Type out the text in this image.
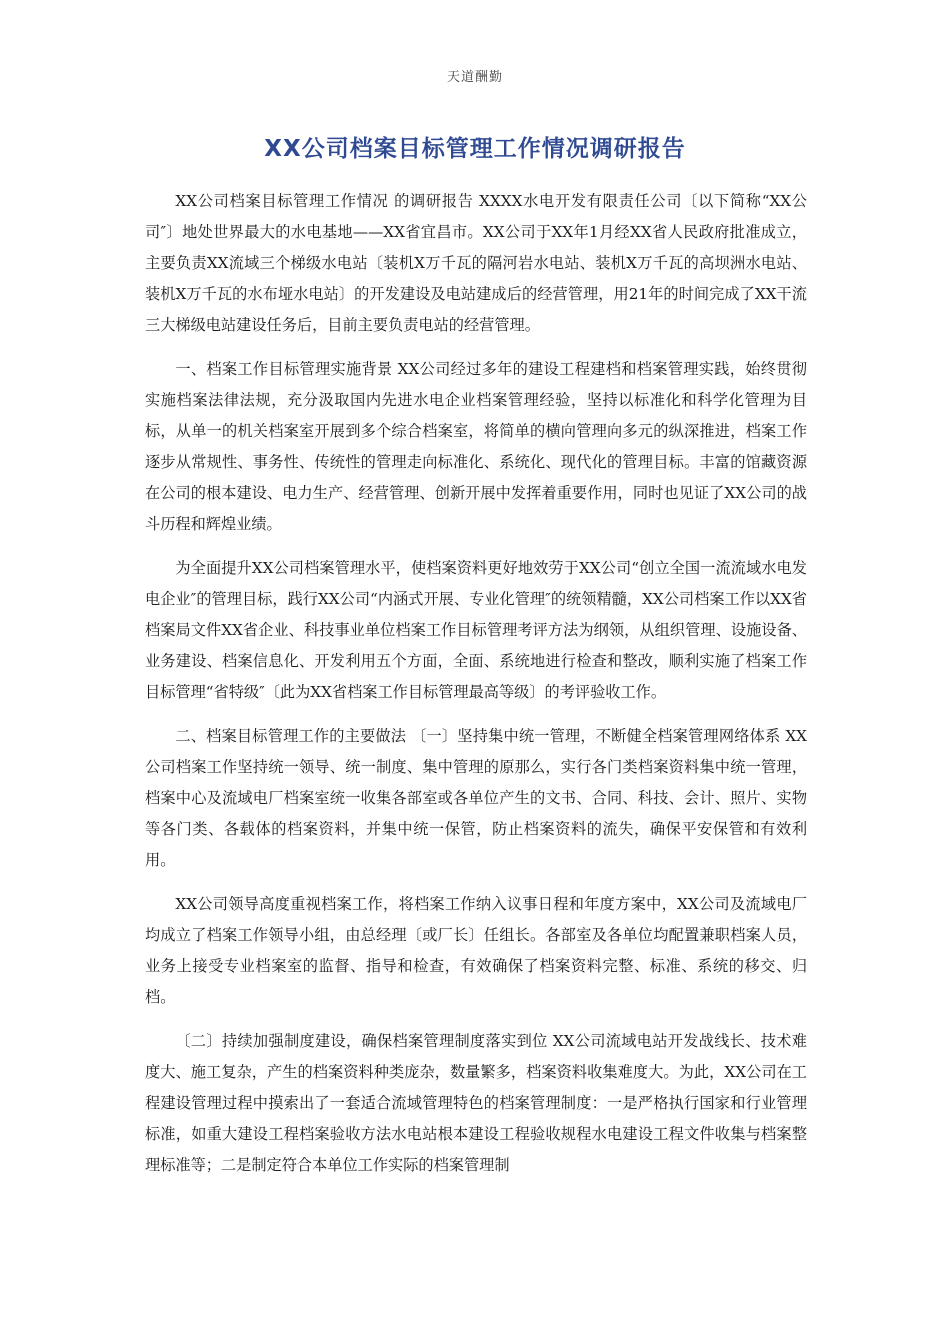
天道酬勤
XX公司档案目标管理工作情况调研报告

XX公司档案目标管理工作情况 的调研报告 XXXX水电开发有限责任公司〔以下简称“XX公司″〕地处世界最大的水电基地——XX省宜昌市。XX公司于XX年1月经XX省人民政府批准成立，主要负责XX流域三个梯级水电站〔装机X万千瓦的隔河岩水电站、装机X万千瓦的高坝洲水电站、装机X万千瓦的水布垭水电站〕的开发建设及电站建成后的经营管理，用21年的时间完成了XX干流三大梯级电站建设任务后，目前主要负责电站的经营管理。

一、档案工作目标管理实施背景 XX公司经过多年的建设工程建档和档案管理实践，始终贯彻实施档案法律法规，充分汲取国内先进水电企业档案管理经验，坚持以标准化和科学化管理为目标，从单一的机关档案室开展到多个综合档案室，将简单的横向管理向多元的纵深推进，档案工作逐步从常规性、事务性、传统性的管理走向标准化、系统化、现代化的管理目标。丰富的馆藏资源在公司的根本建设、电力生产、经营管理、创新开展中发挥着重要作用，同时也见证了XX公司的战斗历程和辉煌业绩。

为全面提升XX公司档案管理水平，使档案资料更好地效劳于XX公司“创立全国一流流域水电发电企业″的管理目标，践行XX公司“内涵式开展、专业化管理″的统领精髓，XX公司档案工作以XX省档案局文件XX省企业、科技事业单位档案工作目标管理考评方法为纲领，从组织管理、设施设备、业务建设、档案信息化、开发利用五个方面，全面、系统地进行检查和整改，顺利实施了档案工作目标管理“省特级″〔此为XX省档案工作目标管理最高等级〕的考评验收工作。

二、档案目标管理工作的主要做法 〔一〕坚持集中统一管理，不断健全档案管理网络体系 XX公司档案工作坚持统一领导、统一制度、集中管理的原那么，实行各门类档案资料集中统一管理，档案中心及流域电厂档案室统一收集各部室或各单位产生的文书、合同、科技、会计、照片、实物等各门类、各载体的档案资料，并集中统一保管，防止档案资料的流失，确保平安保管和有效利用。

XX公司领导高度重视档案工作，将档案工作纳入议事日程和年度方案中，XX公司及流域电厂均成立了档案工作领导小组，由总经理〔或厂长〕任组长。各部室及各单位均配置兼职档案人员，业务上接受专业档案室的监督、指导和检查，有效确保了档案资料完整、标准、系统的移交、归档。

〔二〕持续加强制度建设，确保档案管理制度落实到位 XX公司流域电站开发战线长、技术难度大、施工复杂，产生的档案资料种类庞杂，数量繁多，档案资料收集难度大。为此，XX公司在工程建设管理过程中摸索出了一套适合流域管理特色的档案管理制度：一是严格执行国家和行业管理标准，如重大建设工程档案验收方法水电站根本建设工程验收规程水电建设工程文件收集与档案整理标准等；二是制定符合本单位工作实际的档案管理制
